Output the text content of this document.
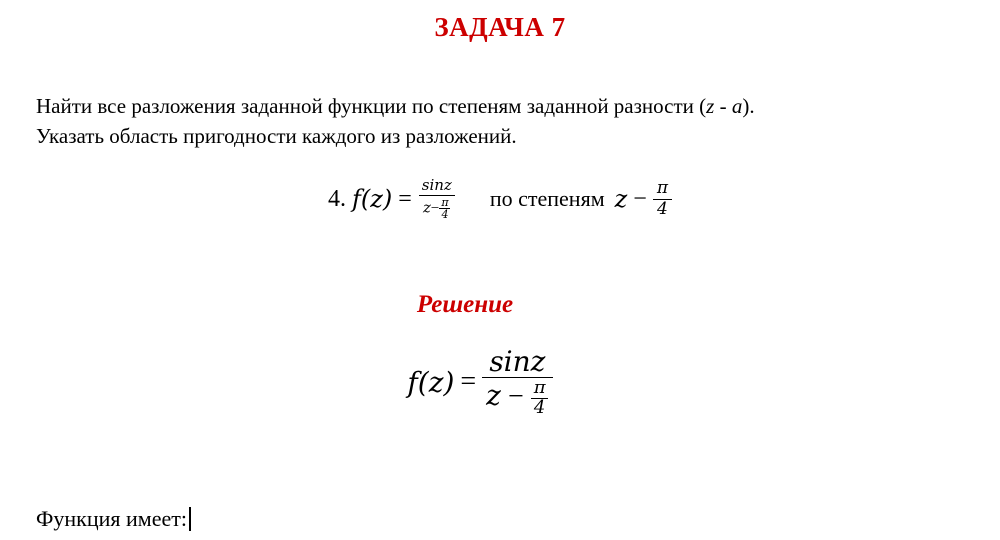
ЗАДАЧА 7
Найти все разложения заданной функции по степеням заданной разности (z - a).
Указать область пригодности каждого из разложений.
4. $f(z) = \frac{\sin z}{z- \frac{\pi}{4}}$ по степеням $z - \frac{\pi}{4}$
Решение
$f(z) = \frac{\sin z}{z - \frac{\pi}{4}}$
Функция имеет:
